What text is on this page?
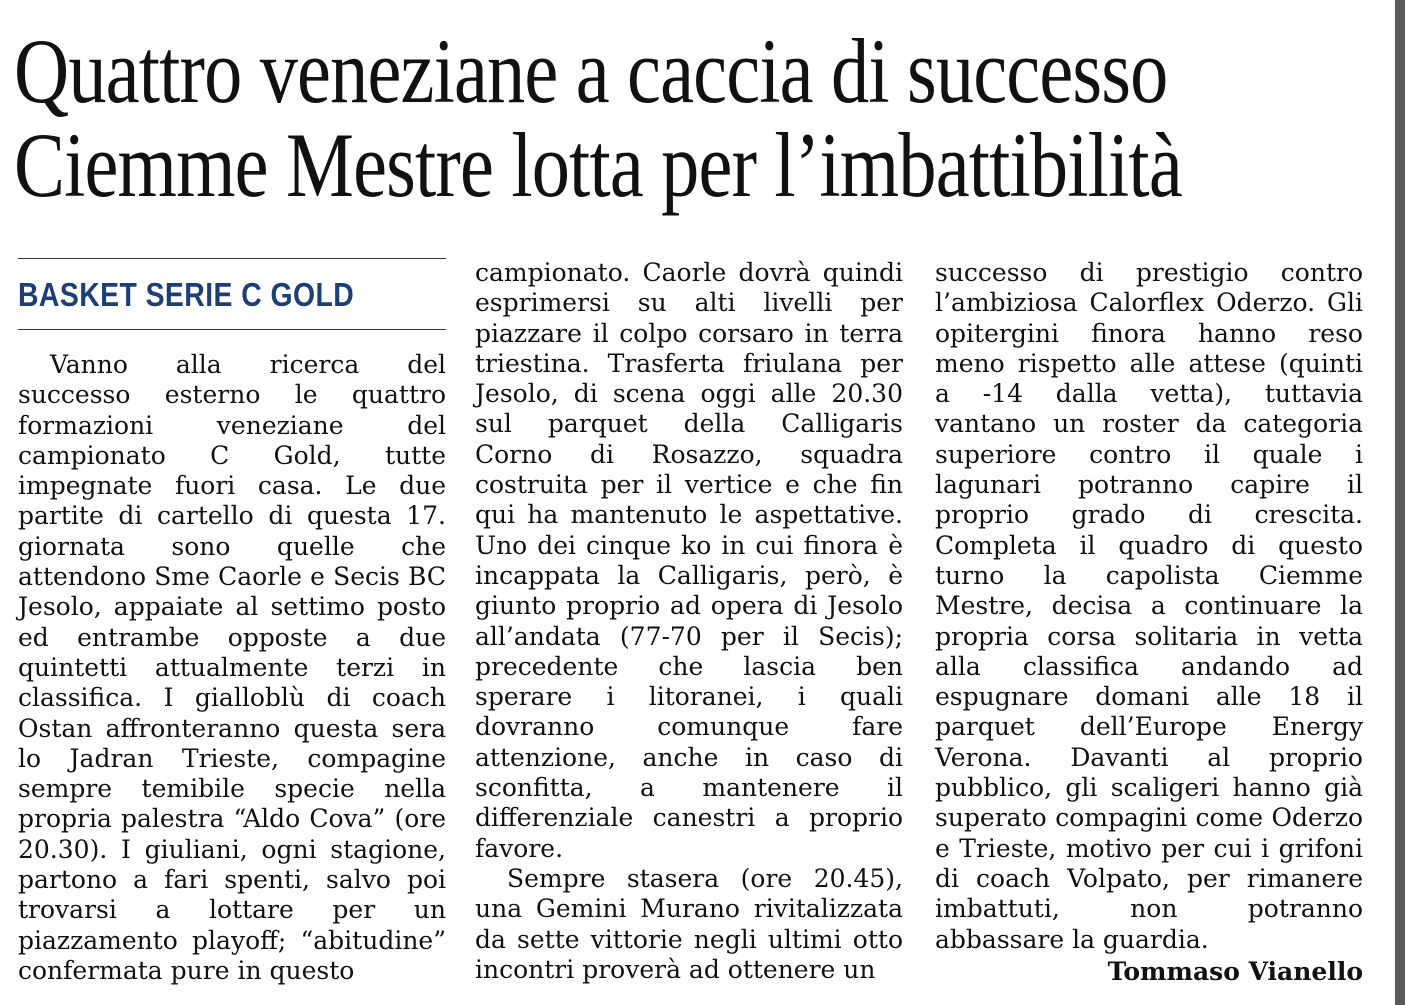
Quattro veneziane a caccia di successo
Ciemme Mestre lotta per l’imbattibilità
BASKET SERIE C GOLD

Vanno alla ricerca del successo esterno le quattro formazioni veneziane del campionato C Gold, tutte impegnate fuori casa. Le due partite di cartello di questa 17. giornata sono quelle che attendono Sme Caorle e Secis BC Jesolo, appaiate al settimo posto ed entrambe opposte a due quintetti attualmente terzi in classifica. I gialloblù di coach Ostan affronteranno questa sera lo Jadran Trieste, compagine sempre temibile specie nella propria palestra “Aldo Cova” (ore 20.30). I giuliani, ogni stagione, partono a fari spenti, salvo poi trovarsi a lottare per un piazzamento playoff; “abitudine” confermata pure in questo

campionato. Caorle dovrà quindi esprimersi su alti livelli per piazzare il colpo corsaro in terra triestina. Trasferta friulana per Jesolo, di scena oggi alle 20.30 sul parquet della Calligaris Corno di Rosazzo, squadra costruita per il vertice e che fin qui ha mantenuto le aspettative. Uno dei cinque ko in cui finora è incappata la Calligaris, però, è giunto proprio ad opera di Jesolo all’andata (77-70 per il Secis); precedente che lascia ben sperare i litoranei, i quali dovranno comunque fare attenzione, anche in caso di sconfitta, a mantenere il differenziale canestri a proprio favore.

Sempre stasera (ore 20.45), una Gemini Murano rivitalizzata da sette vittorie negli ultimi otto incontri proverà ad ottenere un

successo di prestigio contro l’ambiziosa Calorflex Oderzo. Gli opitergini finora hanno reso meno rispetto alle attese (quinti a -14 dalla vetta), tuttavia vantano un roster da categoria superiore contro il quale i lagunari potranno capire il proprio grado di crescita. Completa il quadro di questo turno la capolista Ciemme Mestre, decisa a continuare la propria corsa solitaria in vetta alla classifica andando ad espugnare domani alle 18 il parquet dell’Europe Energy Verona. Davanti al proprio pubblico, gli scaligeri hanno già superato compagini come Oderzo e Trieste, motivo per cui i grifoni di coach Volpato, per rimanere imbattuti, non potranno abbassare la guardia.

Tommaso Vianello
